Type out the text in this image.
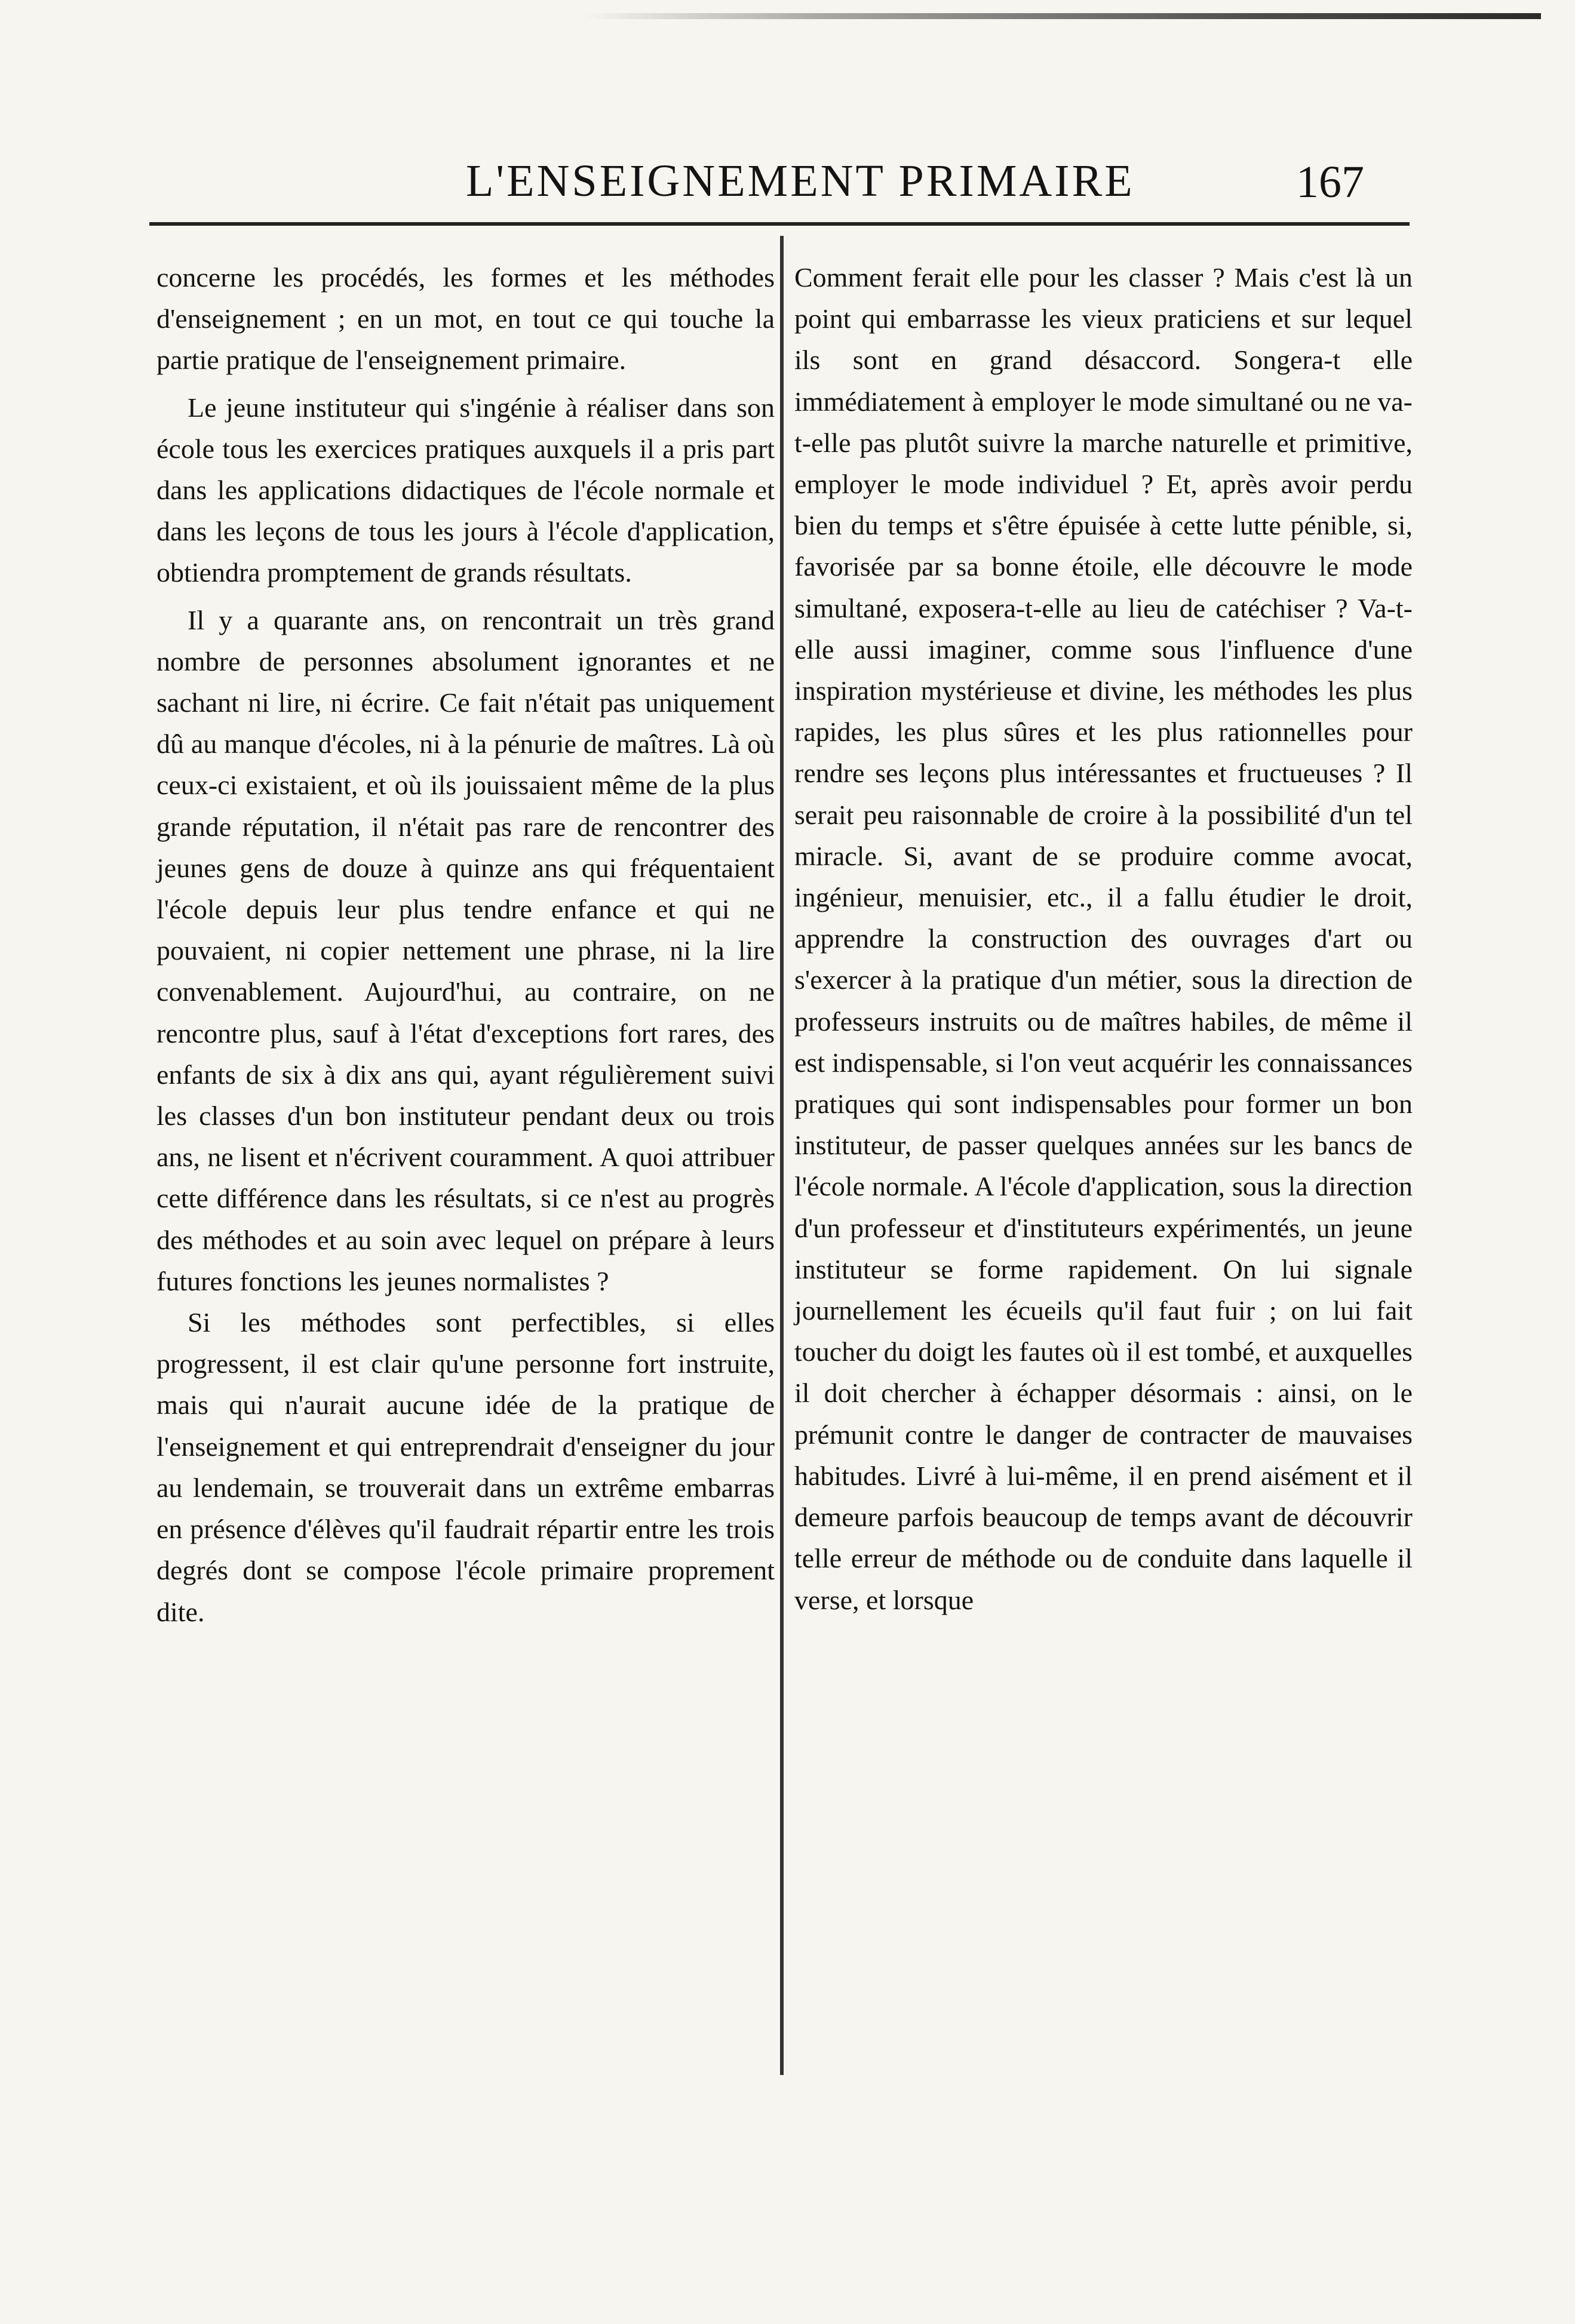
L'ENSEIGNEMENT PRIMAIRE	167

concerne les procédés, les formes et les méthodes d'enseignement ; en un mot, en tout ce qui touche la partie pratique de l'enseignement primaire.

Le jeune instituteur qui s'ingénie à réaliser dans son école tous les exercices pratiques auxquels il a pris part dans les applications didactiques de l'école normale et dans les leçons de tous les jours à l'école d'application, obtiendra promptement de grands résultats.

Il y a quarante ans, on rencontrait un très grand nombre de personnes absolument ignorantes et ne sachant ni lire, ni écrire. Ce fait n'était pas uniquement dû au manque d'écoles, ni à la pénurie de maîtres. Là où ceux-ci existaient, et où ils jouissaient même de la plus grande réputation, il n'était pas rare de rencontrer des jeunes gens de douze à quinze ans qui fréquentaient l'école depuis leur plus tendre enfance et qui ne pouvaient, ni copier nettement une phrase, ni la lire convenablement. Aujourd'hui, au contraire, on ne rencontre plus, sauf à l'état d'exceptions fort rares, des enfants de six à dix ans qui, ayant régulièrement suivi les classes d'un bon instituteur pendant deux ou trois ans, ne lisent et n'écrivent couramment. A quoi attribuer cette différence dans les résultats, si ce n'est au progrès des méthodes et au soin avec lequel on prépare à leurs futures fonctions les jeunes normalistes ?

Si les méthodes sont perfectibles, si elles progressent, il est clair qu'une personne fort instruite, mais qui n'aurait aucune idée de la pratique de l'enseignement et qui entreprendrait d'enseigner du jour au lendemain, se trouverait dans un extrême embarras en présence d'élèves qu'il faudrait répartir entre les trois degrés dont se compose l'école primaire proprement dite.

Comment ferait elle pour les classer ? Mais c'est là un point qui embarrasse les vieux praticiens et sur lequel ils sont en grand désaccord. Songera-t elle immédiatement à employer le mode simultané ou ne va-t-elle pas plutôt suivre la marche naturelle et primitive, employer le mode individuel ? Et, après avoir perdu bien du temps et s'être épuisée à cette lutte pénible, si, favorisée par sa bonne étoile, elle découvre le mode simultané, exposera-t-elle au lieu de catéchiser ? Va-t-elle aussi imaginer, comme sous l'influence d'une inspiration mystérieuse et divine, les méthodes les plus rapides, les plus sûres et les plus rationnelles pour rendre ses leçons plus intéressantes et fructueuses ? Il serait peu raisonnable de croire à la possibilité d'un tel miracle. Si, avant de se produire comme avocat, ingénieur, menuisier, etc., il a fallu étudier le droit, apprendre la construction des ouvrages d'art ou s'exercer à la pratique d'un métier, sous la direction de professeurs instruits ou de maîtres habiles, de même il est indispensable, si l'on veut acquérir les connaissances pratiques qui sont indispensables pour former un bon instituteur, de passer quelques années sur les bancs de l'école normale. A l'école d'application, sous la direction d'un professeur et d'instituteurs expérimentés, un jeune instituteur se forme rapidement. On lui signale journellement les écueils qu'il faut fuir ; on lui fait toucher du doigt les fautes où il est tombé, et auxquelles il doit chercher à échapper désormais : ainsi, on le prémunit contre le danger de contracter de mauvaises habitudes. Livré à lui-même, il en prend aisément et il demeure parfois beaucoup de temps avant de découvrir telle erreur de méthode ou de conduite dans laquelle il verse, et lorsque
